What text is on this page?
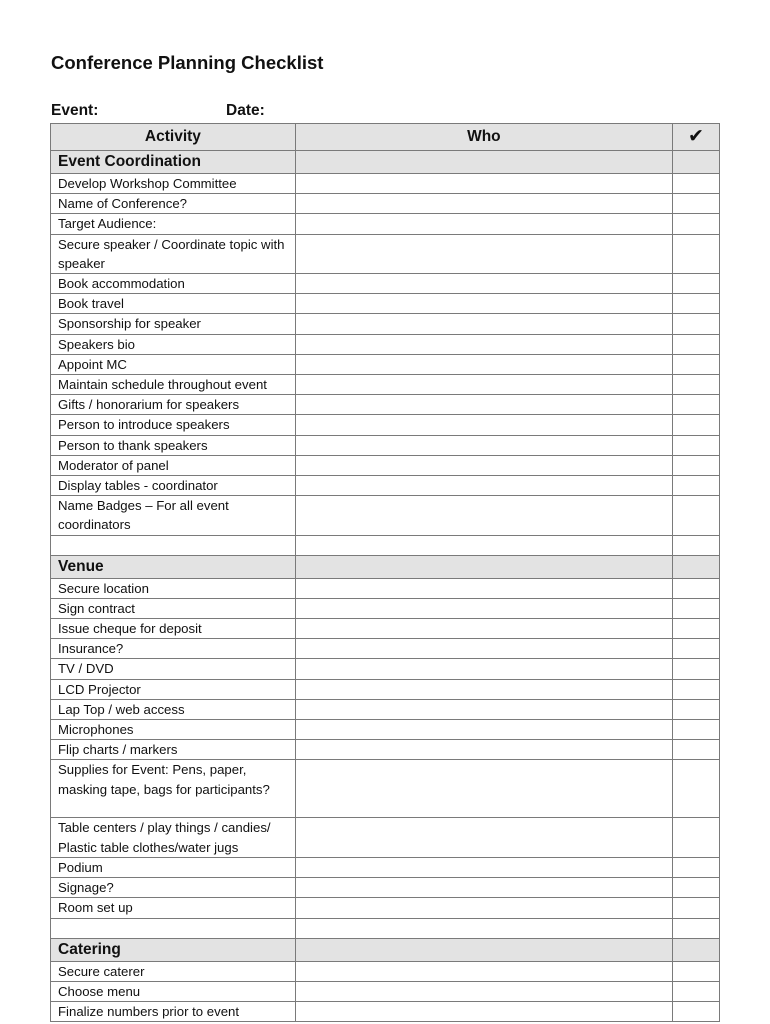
Conference Planning Checklist
Event:	Date:
Activity	Who	✔
Event Coordination		
Develop Workshop Committee		
Name of Conference?		
Target Audience:		
Secure speaker / Coordinate topic with speaker		
Book accommodation		
Book travel		
Sponsorship for speaker		
Speakers bio		
Appoint MC		
Maintain schedule throughout event		
Gifts / honorarium for speakers		
Person to introduce speakers		
Person to thank speakers		
Moderator of panel		
Display tables - coordinator		
Name Badges – For all event coordinators		

Venue		
Secure location		
Sign contract		
Issue cheque for deposit		
Insurance?		
TV / DVD		
LCD Projector		
Lap Top / web access		
Microphones		
Flip charts / markers		
Supplies for Event: Pens, paper, masking tape, bags for participants?		
Table centers / play things / candies/ Plastic table clothes/water jugs		
Podium		
Signage?		
Room set up		

Catering		
Secure caterer		
Choose menu		
Finalize numbers prior to event		
